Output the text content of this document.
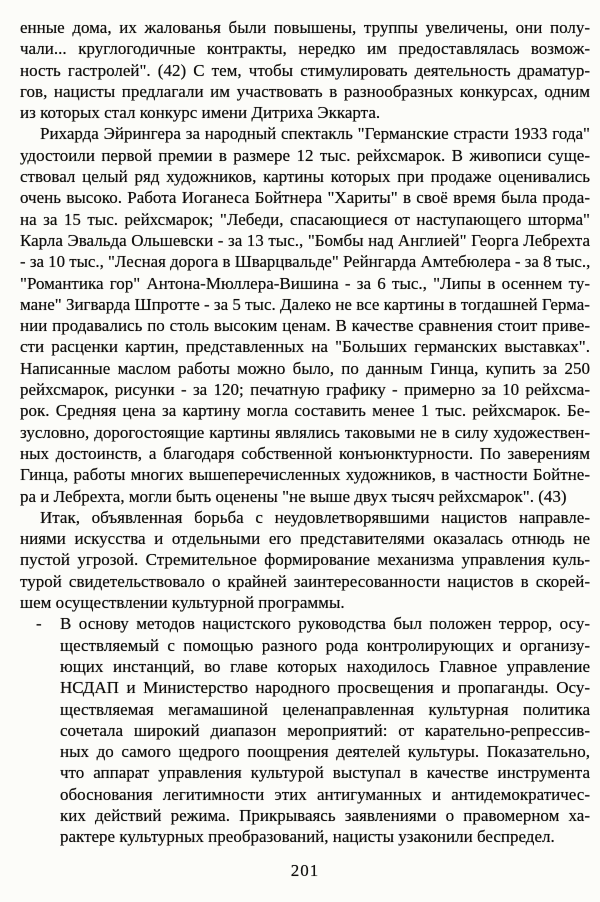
енные дома, их жалованья были повышены, труппы увеличены, они полу-
чали... круглогодичные контракты, нередко им предоставлялась возмож-
ность гастролей". (42) С тем, чтобы стимулировать деятельность драматур-
гов, нацисты предлагали им участвовать в разнообразных конкурсах, одним
из которых стал конкурс имени Дитриха Эккарта.
Рихарда Эйрингера за народный спектакль "Германские страсти 1933 года"
удостоили первой премии в размере 12 тыс. рейхсмарок. В живописи суще-
ствовал целый ряд художников, картины которых при продаже оценивались
очень высоко. Работа Иоганеса Бойтнера "Хариты" в своё время была прода-
на за 15 тыс. рейхсмарок; "Лебеди, спасающиеся от наступающего шторма"
Карла Эвальда Ольшевски - за 13 тыс., "Бомбы над Англией" Георга Лебрехта
- за 10 тыс., "Лесная дорога в Шварцвальде" Рейнгарда Амтебюлера - за 8 тыс.,
"Романтика гор" Антона-Мюллера-Вишина - за 6 тыс., "Липы в осеннем ту-
мане" Зигварда Шпротте - за 5 тыс. Далеко не все картины в тогдашней Герма-
нии продавались по столь высоким ценам. В качестве сравнения стоит приве-
сти расценки картин, представленных на "Больших германских выставках".
Написанные маслом работы можно было, по данным Гинца, купить за 250
рейхсмарок, рисунки - за 120; печатную графику - примерно за 10 рейхсма-
рок. Средняя цена за картину могла составить менее 1 тыс. рейхсмарок. Бе-
зусловно, дорогостоящие картины являлись таковыми не в силу художествен-
ных достоинств, а благодаря собственной конъюнктурности. По заверениям
Гинца, работы многих вышеперечисленных художников, в частности Бойтне-
ра и Лебрехта, могли быть оценены "не выше двух тысяч рейхсмарок". (43)
Итак, объявленная борьба с неудовлетворявшими нацистов направле-
ниями искусства и отдельными его представителями оказалась отнюдь не
пустой угрозой. Стремительное формирование механизма управления куль-
турой свидетельствовало о крайней заинтересованности нацистов в скорей-
шем осуществлении культурной программы.
- В основу методов нацистского руководства был положен террор, осу-
ществляемый с помощью разного рода контролирующих и организу-
ющих инстанций, во главе которых находилось Главное управление
НСДАП и Министерство народного просвещения и пропаганды. Осу-
ществляемая мегамашиной целенаправленная культурная политика
сочетала широкий диапазон мероприятий: от карательно-репрессив-
ных до самого щедрого поощрения деятелей культуры. Показательно,
что аппарат управления культурой выступал в качестве инструмента
обоснования легитимности этих антигуманных и антидемократичес-
ких действий режима. Прикрываясь заявлениями о правомерном ха-
рактере культурных преобразований, нацисты узаконили беспредел.
201
